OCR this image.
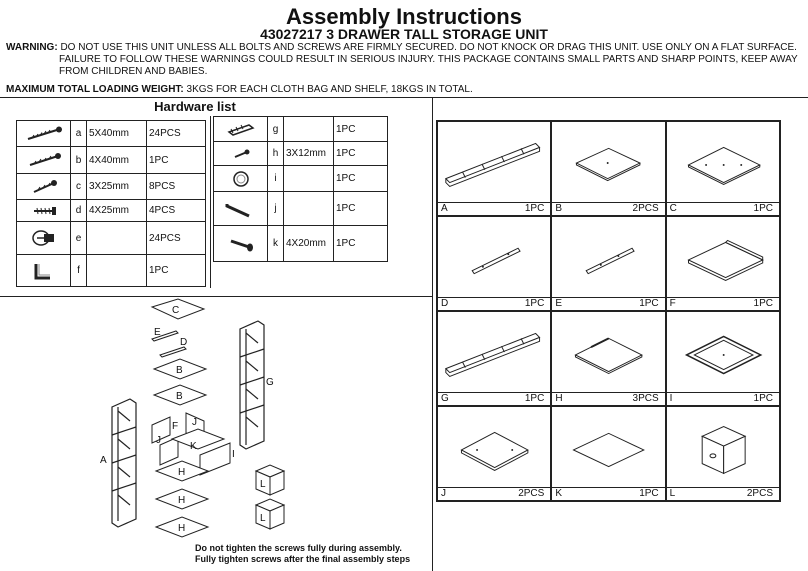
Assembly Instructions
43027217 3 DRAWER TALL STORAGE UNIT
WARNING: DO NOT USE THIS UNIT UNLESS ALL BOLTS AND SCREWS ARE FIRMLY SECURED. DO NOT KNOCK OR DRAG THIS UNIT. USE ONLY ON A FLAT SURFACE.
FAILURE TO FOLLOW THESE WARNINGS COULD RESULT IN SERIOUS INJURY. THIS PACKAGE CONTAINS SMALL PARTS AND SHARP POINTS, KEEP AWAY
FROM CHILDREN AND BABIES.
MAXIMUM TOTAL LOADING WEIGHT: 3KGS FOR EACH CLOTH BAG AND SHELF, 18KGS IN TOTAL.
Hardware list
	a	5X40mm	24PCS

	b	4X40mm	1PC

	c	3X25mm	8PCS

	d	4X25mm	4PCS

	e		24PCS

	f		1PC
	g		1PC

	h	3X12mm	1PC

	i		1PC

	j		1PC

	k	4X20mm	1PC
A	1PC B	2PCS C	1PC
D	1PC E	1PC F	1PC
G	1PC H	3PCS I	1PC
J	2PCS K	1PC L	2PCS
C
E
D
B
B
G
F
J
J
K
A
I
H
L
H
L
H
Do not tighten the screws fully during assembly.
Fully tighten screws after the final assembly steps
